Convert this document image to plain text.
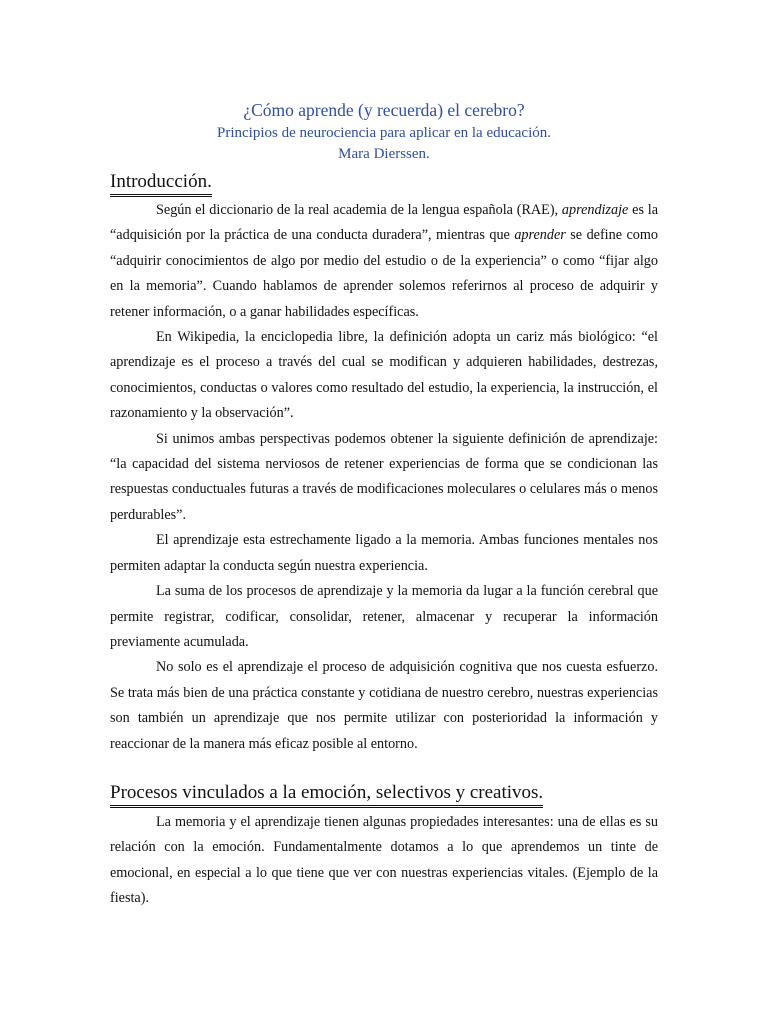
¿Cómo aprende (y recuerda) el cerebro?
Principios de neurociencia para aplicar en la educación.
Mara Dierssen.
Introducción.

Según el diccionario de la real academia de la lengua española (RAE), aprendizaje es la “adquisición por la práctica de una conducta duradera”, mientras que aprender se define como “adquirir conocimientos de algo por medio del estudio o de la experiencia” o como “fijar algo en la memoria”. Cuando hablamos de aprender solemos referirnos al proceso de adquirir y retener información, o a ganar habilidades específicas.

En Wikipedia, la enciclopedia libre, la definición adopta un cariz más biológico: “el aprendizaje es el proceso a través del cual se modifican y adquieren habilidades, destrezas, conocimientos, conductas o valores como resultado del estudio, la experiencia, la instrucción, el razonamiento y la observación”.

Si unimos ambas perspectivas podemos obtener la siguiente definición de aprendizaje: “la capacidad del sistema nerviosos de retener experiencias de forma que se condicionan las respuestas conductuales futuras a través de modificaciones moleculares o celulares más o menos perdurables”.

El aprendizaje esta estrechamente ligado a la memoria. Ambas funciones mentales nos permiten adaptar la conducta según nuestra experiencia.

La suma de los procesos de aprendizaje y la memoria da lugar a la función cerebral que permite registrar, codificar, consolidar, retener, almacenar y recuperar la información previamente acumulada.

No solo es el aprendizaje el proceso de adquisición cognitiva que nos cuesta esfuerzo. Se trata más bien de una práctica constante y cotidiana de nuestro cerebro, nuestras experiencias son también un aprendizaje que nos permite utilizar con posterioridad la información y reaccionar de la manera más eficaz posible al entorno.

Procesos vinculados a la emoción, selectivos y creativos.

La memoria y el aprendizaje tienen algunas propiedades interesantes: una de ellas es su relación con la emoción. Fundamentalmente dotamos a lo que aprendemos un tinte de emocional, en especial a lo que tiene que ver con nuestras experiencias vitales. (Ejemplo de la fiesta).
